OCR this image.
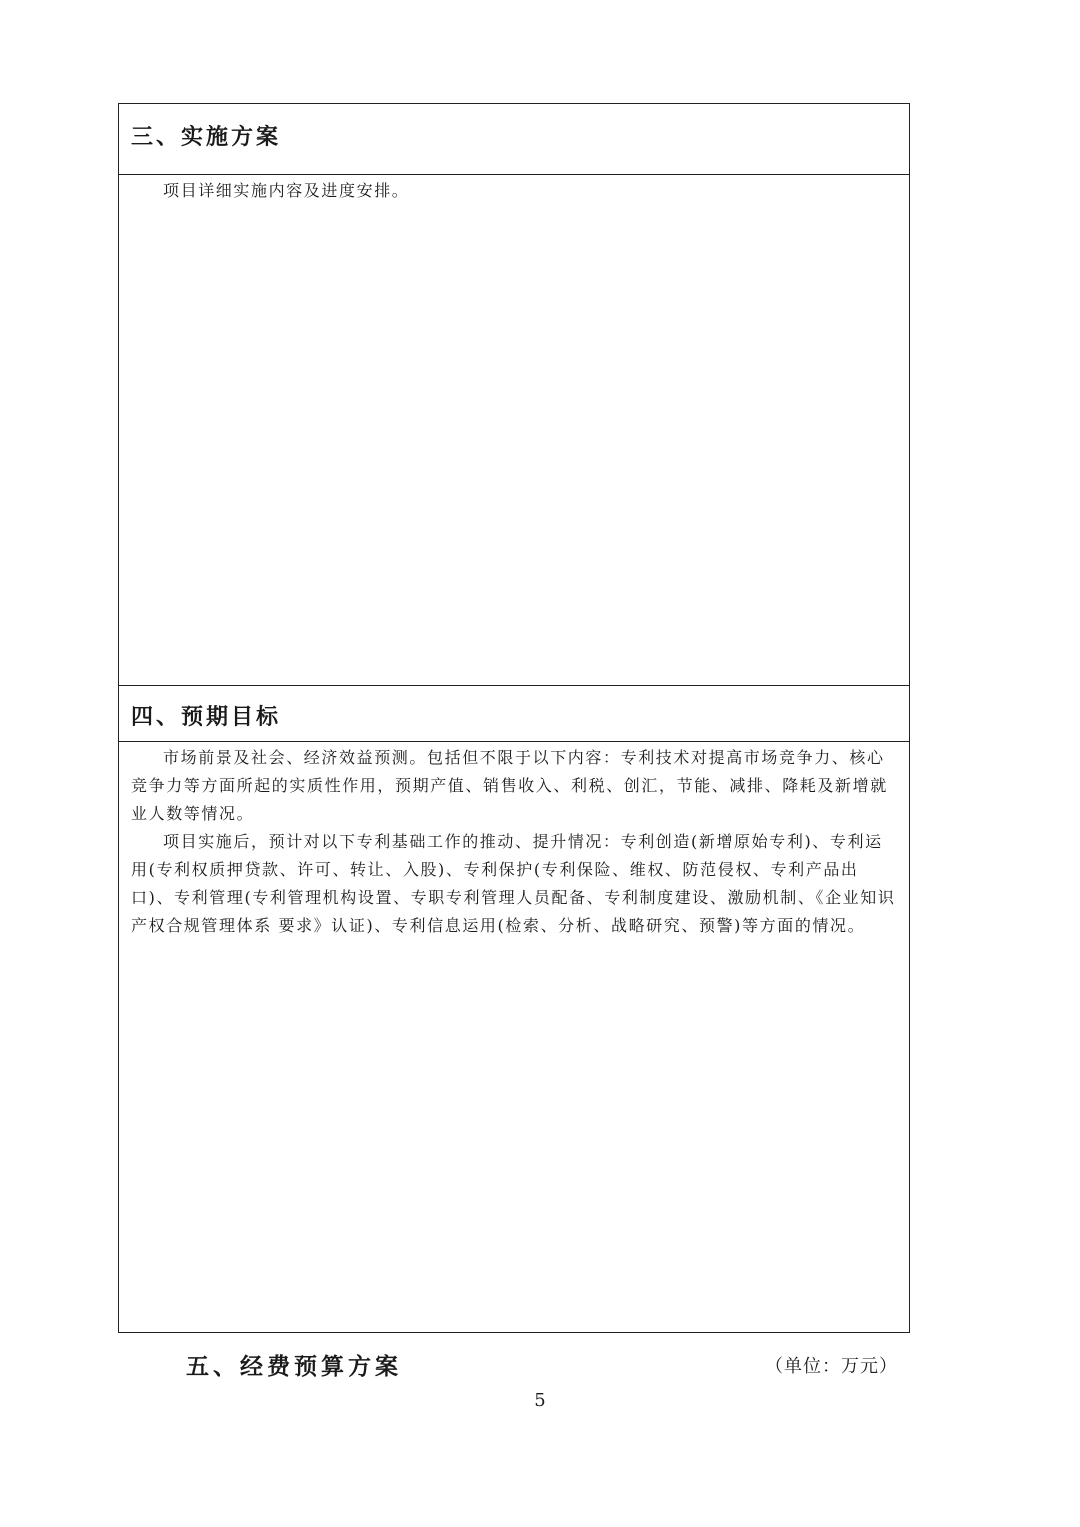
三、实施方案

项目详细实施内容及进度安排。

四、预期目标

市场前景及社会、经济效益预测。包括但不限于以下内容：专利技术对提高市场竞争力、核心竞争力等方面所起的实质性作用，预期产值、销售收入、利税、创汇，节能、减排、降耗及新增就业人数等情况。

项目实施后，预计对以下专利基础工作的推动、提升情况：专利创造(新增原始专利)、专利运用(专利权质押贷款、许可、转让、入股)、专利保护(专利保险、维权、防范侵权、专利产品出口)、专利管理(专利管理机构设置、专职专利管理人员配备、专利制度建设、激励机制、《企业知识产权合规管理体系 要求》认证)、专利信息运用(检索、分析、战略研究、预警)等方面的情况。

五、经费预算方案	（单位：万元）
5
